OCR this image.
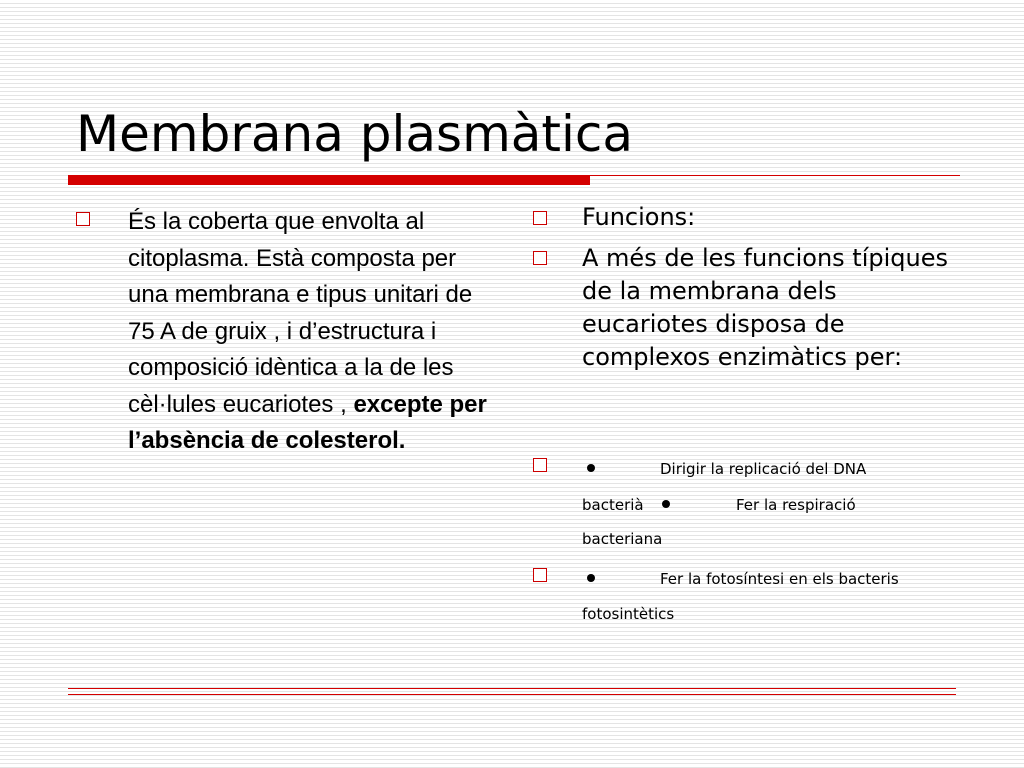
Membrana plasmàtica
És la coberta que envolta al citoplasma. Està composta per una membrana e tipus unitari de 75 A de gruix , i d’estructura i composició idèntica a la de les cèl·lules eucariotes , excepte per l’absència de colesterol.
Funcions:
A més de les funcions típiques de la membrana dels eucariotes disposa de complexos enzimàtics per:
Dirigir la replicació del DNA
bacterià	Fer la respiració
bacteriana
Fer la fotosíntesi en els bacteris
fotosintètics
